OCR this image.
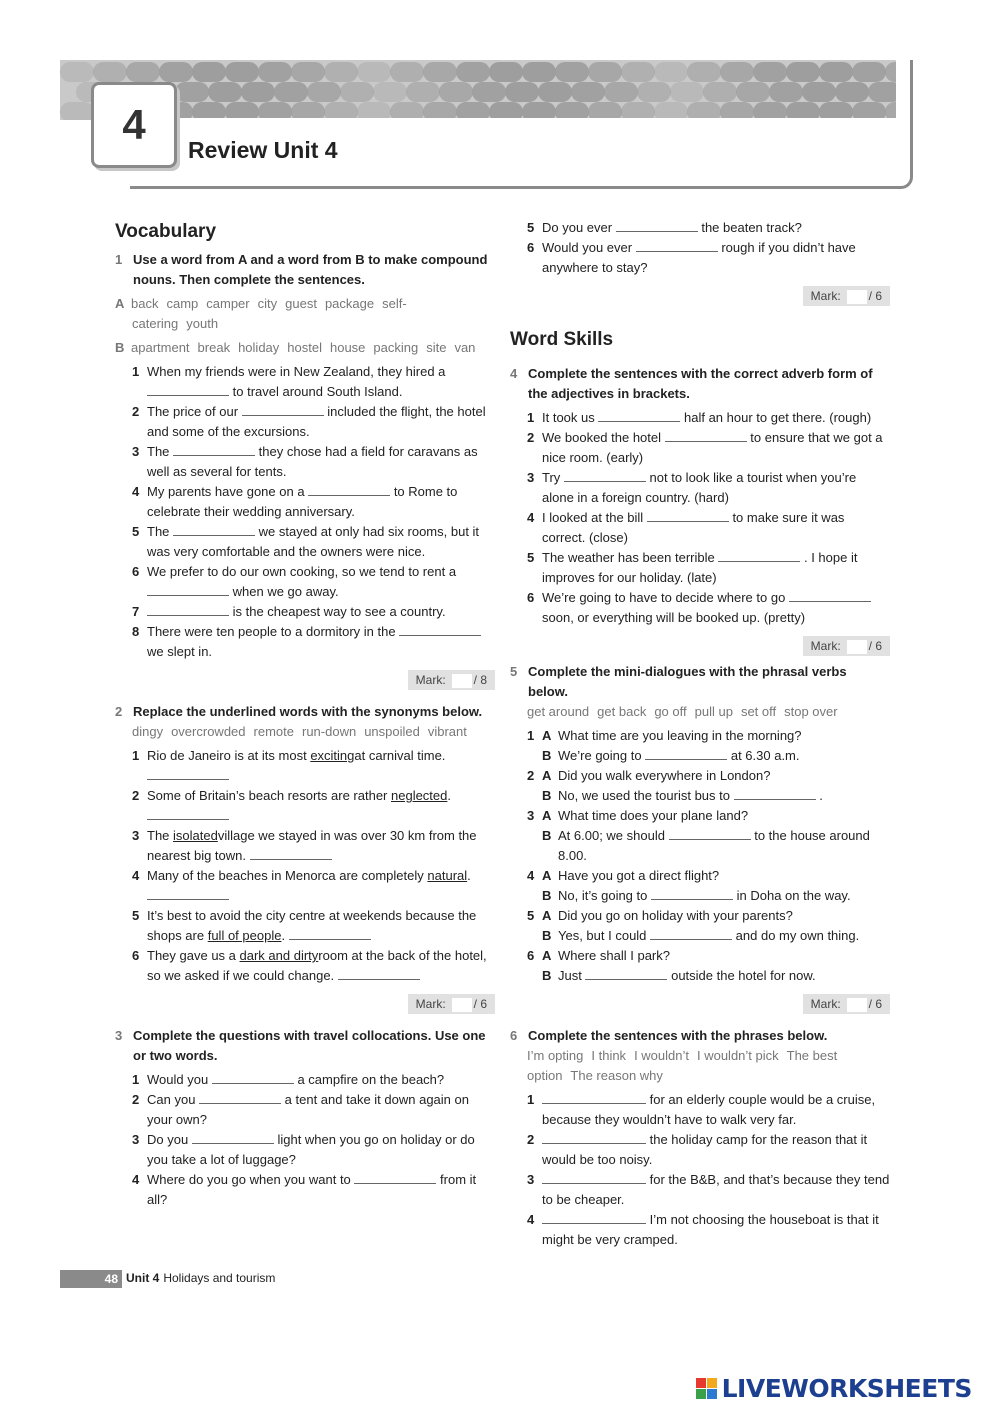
4
Review Unit 4
Vocabulary
1 Use a word from A and a word from B to make compound nouns. Then complete the sentences.
A back camp camper city guest package self-catering youth
B apartment break holiday hostel house packing site van
1 When my friends were in New Zealand, they hired a  to travel around South Island.
2 The price of our	included the flight, the hotel and some of the excursions.
3 The	they chose had a field for caravans as well as several for tents.
4 My parents have gone on a	to Rome to celebrate their wedding anniversary.
5 The	we stayed at only had six rooms, but it was very comfortable and the owners were nice.
6 We prefer to do our own cooking, so we tend to rent a  when we go away.
7	is the cheapest way to see a country.
8 There were ten people to a dormitory in the  we slept in.
Mark: / 8
2 Replace the underlined words with the synonyms below.
dingy overcrowded remote run-down unspoiled vibrant
1 Rio de Janeiro is at its most excitingat carnival time.
2 Some of Britain’s beach resorts are rather neglected.
3 The isolatedvillage we stayed in was over 30 km from the nearest big town.
4 Many of the beaches in Menorca are completely natural.
5 It’s best to avoid the city centre at weekends because the shops are full of people.
6 They gave us a dark and dirtyroom at the back of the hotel, so we asked if we could change.
Mark: / 6
3 Complete the questions with travel collocations. Use one or two words.
1 Would you	a campfire on the beach?
2 Can you	a tent and take it down again on your own?
3 Do you	light when you go on holiday or do you take a lot of luggage?
4 Where do you go when you want to	from it all?
5 Do you ever	the beaten track?
6 Would you ever	rough if you didn’t have anywhere to stay?
Mark: / 6
Word Skills
4 Complete the sentences with the correct adverb form of the adjectives in brackets.
1 It took us	half an hour to get there. (rough)
2 We booked the hotel	to ensure that we got a nice room. (early)
3 Try	not to look like a tourist when you’re alone in a foreign country. (hard)
4 I looked at the bill	to make sure it was correct. (close)
5 The weather has been terrible	. I hope it improves for our holiday. (late)
6 We’re going to have to decide where to go  soon, or everything will be booked up. (pretty)
Mark: / 6
5 Complete the mini-dialogues with the phrasal verbs below.
get around get back go off pull up set off stop over
1 A What time are you leaving in the morning?
B We’re going to	at 6.30 a.m.
2 A Did you walk everywhere in London?
B No, we used the tourist bus to	.
3 A What time does your plane land?
B At 6.00; we should	to the house around 8.00.
4 A Have you got a direct flight?
B No, it’s going to	in Doha on the way.
5 A Did you go on holiday with your parents?
B Yes, but I could	and do my own thing.
6 A Where shall I park?
B Just	outside the hotel for now.
Mark: / 6
6 Complete the sentences with the phrases below.
I’m opting I think I wouldn’t I wouldn’t pick The best option The reason why
1	for an elderly couple would be a cruise, because they wouldn’t have to walk very far.
2	the holiday camp for the reason that it would be too noisy.
3	for the B&B, and that’s because they tend to be cheaper.
4	I’m not choosing the houseboat is that it might be very cramped.
48 Unit 4 Holidays and tourism
LIVEWORKSHEETS
